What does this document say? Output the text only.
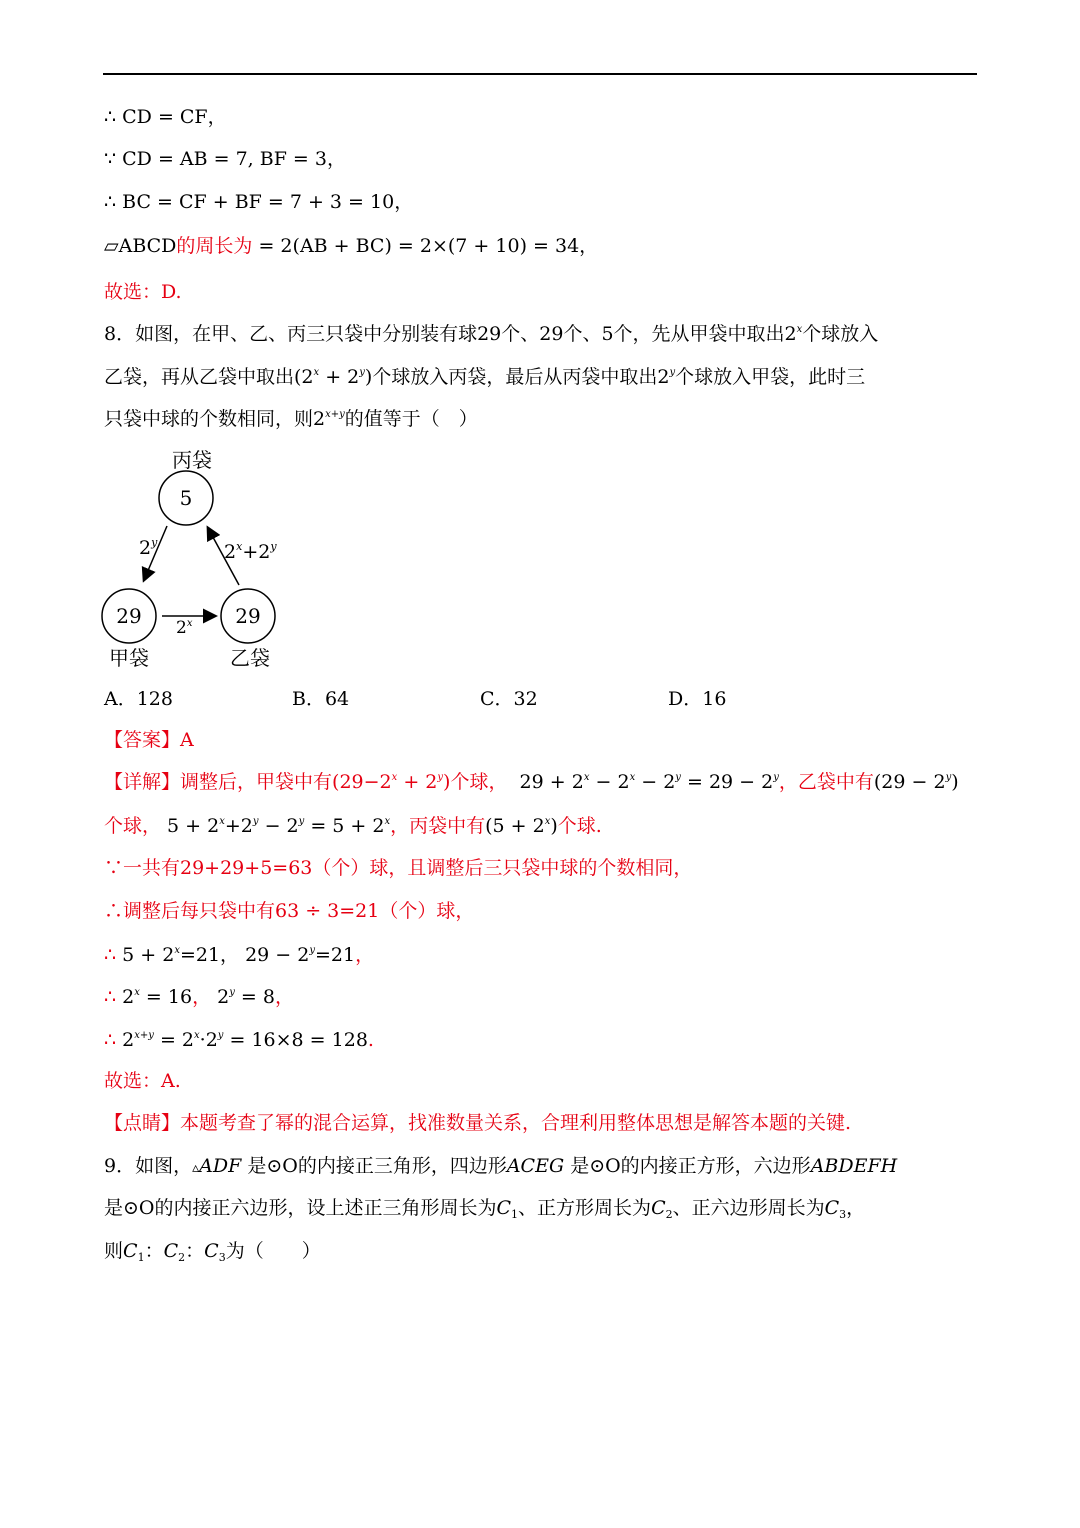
∴ CD = CF，
∵ CD = AB = 7, BF = 3，
∴ BC = CF + BF = 7 + 3 = 10，
▱ABCD的周长为 = 2(AB + BC) = 2×(7 + 10) = 34，
故选：D.
8．如图，在甲、乙、丙三只袋中分别装有球29个、29个、5个，先从甲袋中取出2$^x$个球放入
乙袋，再从乙袋中取出$(2^x + 2^y)$个球放入丙袋，最后从丙袋中取出2$^y$个球放入甲袋，此时三
只袋中球的个数相同，则$2^{x+y}$的值等于（　）
丙袋
5
29
甲袋
29
乙袋
2$^y$	$2^x+2^y$
2$^x$
A．128	B．64	C．32	D．16
【答案】A
【详解】调整后，甲袋中有$(29-2^x + 2^y)$个球，  $29 + 2^x - 2^x - 2^y = 29 - 2^y$，乙袋中有$(29 - 2^y)$
个球， $5 + 2^x+2^y - 2^y = 5 + 2^x$，丙袋中有$(5 + 2^x)$个球.
∵一共有29+29+5=63（个）球，且调整后三只袋中球的个数相同，
∴调整后每只袋中有63 ÷ 3=21（个）球，
∴ $5 + 2^x=21$， $29 - 2^y=21$，
∴ $2^x = 16$， $2^y = 8$，
∴ $2^{x+y} = 2^x\cdot 2^y = 16\times 8 = 128$.
故选：A.
【点睛】本题考查了幂的混合运算，找准数量关系，合理利用整体思想是解答本题的关键.
9．如图，▵ADF 是⊙O的内接正三角形，四边形ACEG 是⊙O的内接正方形，六边形ABDEFH
是⊙O的内接正六边形，设上述正三角形周长为$C_1$、正方形周长为$C_2$、正六边形周长为$C_3$，
则$C_1$：$C_2$：$C_3$为（　　）
